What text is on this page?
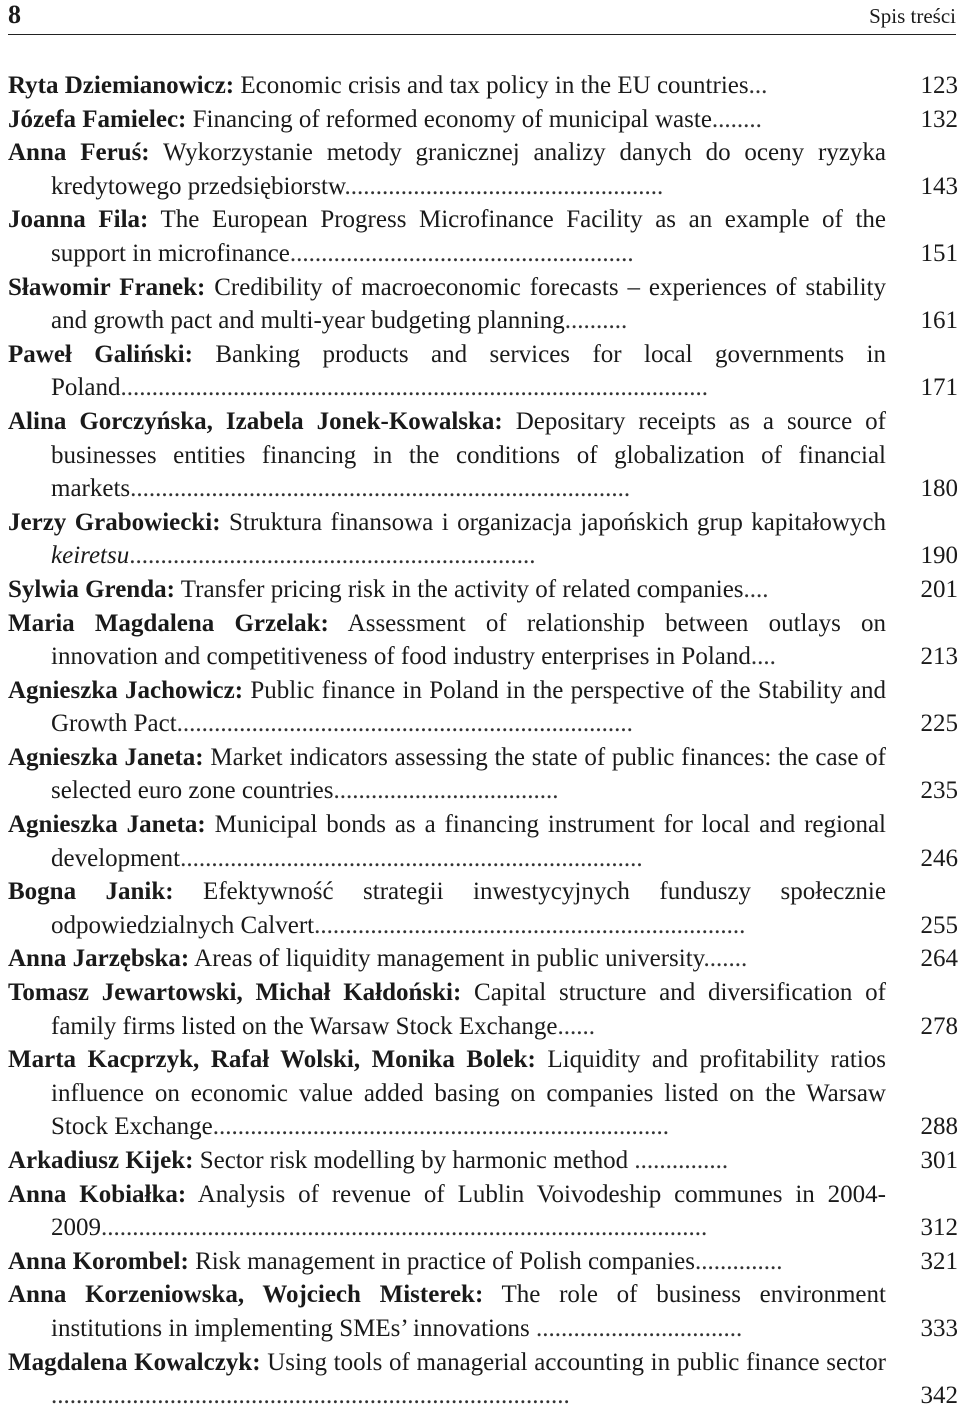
8	Spis treści
Ryta Dziemianowicz: Economic crisis and tax policy in the EU countries...	123
Józefa Famielec: Financing of reformed economy of municipal waste........	132
Anna Feruś: Wykorzystanie metody granicznej analizy danych do oceny ryzyka kredytowego przedsiębiorstw...................................................	143
Joanna Fila: The European Progress Microfinance Facility as an example of the support in microfinance.......................................................	151
Sławomir Franek: Credibility of macroeconomic forecasts – experiences of stability and growth pact and multi-year budgeting planning..........	161
Paweł Galiński: Banking products and services for local governments in Poland..............................................................................................	171
Alina Gorczyńska, Izabela Jonek-Kowalska: Depositary receipts as a source of businesses entities financing in the conditions of globalization of financial markets................................................................................	180
Jerzy Grabowiecki: Struktura finansowa i organizacja japońskich grup kapitałowych keiretsu.................................................................	190
Sylwia Grenda: Transfer pricing risk in the activity of related companies....	201
Maria Magdalena Grzelak: Assessment of relationship between outlays on innovation and competitiveness of food industry enterprises in Poland....	213
Agnieszka Jachowicz: Public finance in Poland in the perspective of the Stability and Growth Pact.........................................................................	225
Agnieszka Janeta: Market indicators assessing the state of public finances: the case of selected euro zone countries....................................	235
Agnieszka Janeta: Municipal bonds as a financing instrument for local and regional development..........................................................................	246
Bogna Janik: Efektywność strategii inwestycyjnych funduszy społecznie odpowiedzialnych Calvert.....................................................................	255
Anna Jarzębska: Areas of liquidity management in public university.......	264
Tomasz Jewartowski, Michał Kałdoński: Capital structure and diversification of family firms listed on the Warsaw Stock Exchange......	278
Marta Kacprzyk, Rafał Wolski, Monika Bolek: Liquidity and profitability ratios influence on economic value added basing on companies listed on the Warsaw Stock Exchange.........................................................................	288
Arkadiusz Kijek: Sector risk modelling by harmonic method ...............	301
Anna Kobiałka: Analysis of revenue of Lublin Voivodeship communes in 2004-2009.................................................................................................	312
Anna Korombel: Risk management in practice of Polish companies..............	321
Anna Korzeniowska, Wojciech Misterek: The role of business environment institutions in implementing SMEs’ innovations .................................	333
Magdalena Kowalczyk: Using tools of managerial accounting in public finance sector ...................................................................................	342
